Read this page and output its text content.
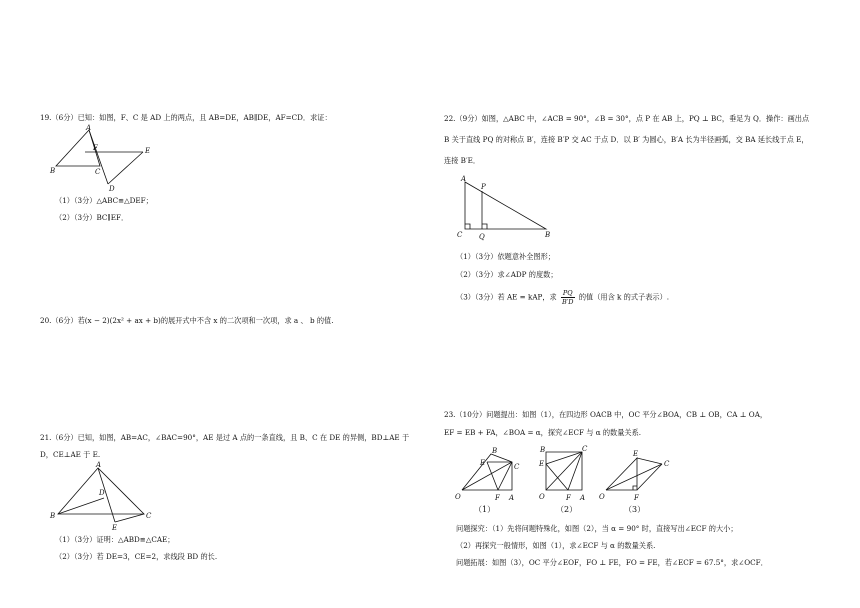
19.（6分）已知：如图，F、C 是 AD 上的两点，且 AB=DE，AB∥DE，AF=CD．求证：
A
B	C
D
E
F
（1）（3分）△ABC≌△DEF；
（2）（3分）BC∥EF．
20.（6分）若(x − 2)(2x² + ax + b)的展开式中不含 x 的二次项和一次项，求 a 、 b 的值.
21.（6分）已知，如图，AB=AC，∠BAC=90°，AE 是过 A 点的一条直线，且 B、C 在 DE 的异侧，BD⊥AE 于
D，CE⊥AE 于 E.
A
B	C
D
E
（1）（3分）证明：△ABD≌△CAE；
（2）（3分）若 DE=3，CE=2，求线段 BD 的长.
22.（9分）如图，△ABC 中，∠ACB = 90°，∠B = 30°，点 P 在 AB 上，PQ ⊥ BC，垂足为 Q．操作：画出点
B 关于直线 PQ 的对称点 B′，连接 B′P 交 AC 于点 D．以 B′ 为圆心，B′A 长为半径画弧，交 BA 延长线于点 E，
连接 B′E．
A
P
C Q	B
（1）（3分）依题意补全图形；
（2）（3分）求∠ADP 的度数；
（3）（3分）若 AE = kAP，求 $\frac{PQ}{B'D}$ 的值（用含 k 的式子表示）.
23.（10分）问题提出：如图（1），在四边形 OACB 中，OC 平分∠BOA，CB ⊥ OB，CA ⊥ OA，
EF = EB + FA，∠BOA = α，探究∠ECF 与 α 的数量关系.
O	A
B
C
E
F
（1）
O	A
B	C
E
F
（2）
O
E
C
F
（3）
问题探究：（1）先将问题特殊化，如图（2），当 α = 90° 时，直接写出∠ECF 的大小；
（2）再探究一般情形，如图（1），求∠ECF 与 α 的数量关系.
问题拓展：如图（3），OC 平分∠EOF，FO ⊥ FE，FO = FE，若∠ECF = 67.5°，求∠OCF．
